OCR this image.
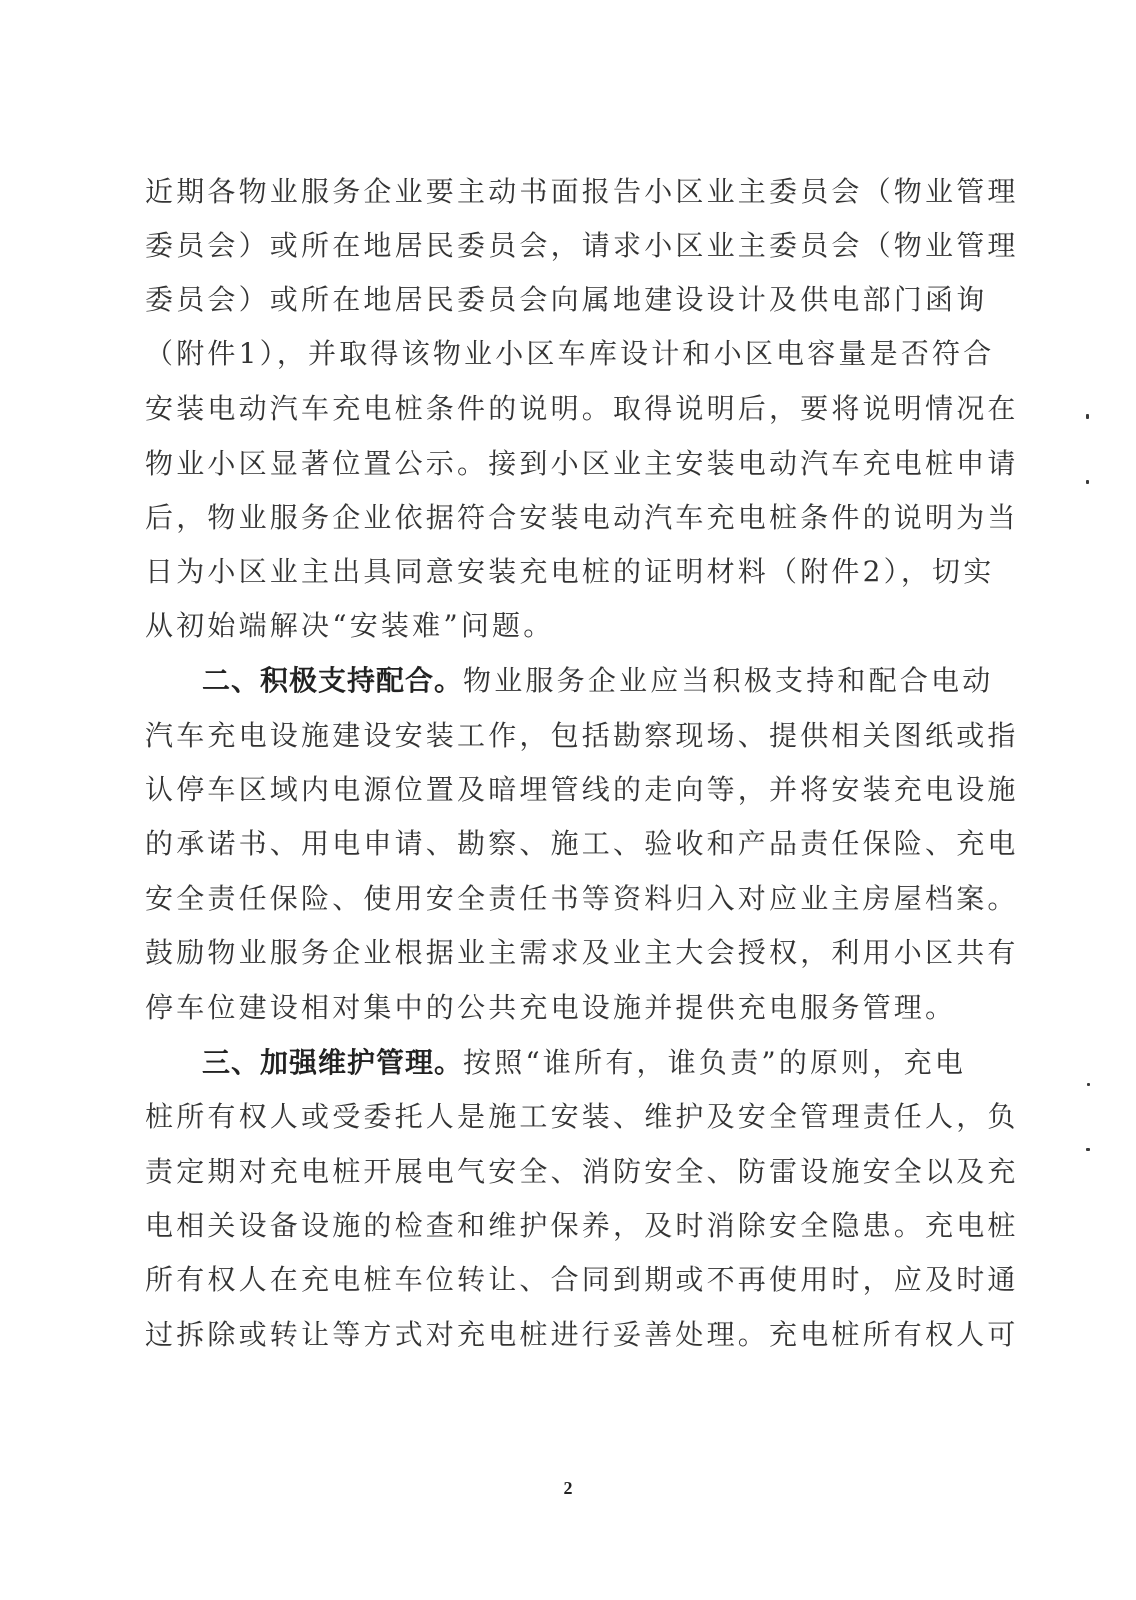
近期各物业服务企业要主动书面报告小区业主委员会（物业管理
委员会）或所在地居民委员会，请求小区业主委员会（物业管理
委员会）或所在地居民委员会向属地建设设计及供电部门函询
（附件1），并取得该物业小区车库设计和小区电容量是否符合
安装电动汽车充电桩条件的说明。取得说明后，要将说明情况在
物业小区显著位置公示。接到小区业主安装电动汽车充电桩申请
后，物业服务企业依据符合安装电动汽车充电桩条件的说明为当
日为小区业主出具同意安装充电桩的证明材料（附件2），切实
从初始端解决“安装难”问题。
二、积极支持配合。物业服务企业应当积极支持和配合电动
汽车充电设施建设安装工作，包括勘察现场、提供相关图纸或指
认停车区域内电源位置及暗埋管线的走向等，并将安装充电设施
的承诺书、用电申请、勘察、施工、验收和产品责任保险、充电
安全责任保险、使用安全责任书等资料归入对应业主房屋档案。
鼓励物业服务企业根据业主需求及业主大会授权，利用小区共有
停车位建设相对集中的公共充电设施并提供充电服务管理。
三、加强维护管理。按照“谁所有，谁负责”的原则，充电
桩所有权人或受委托人是施工安装、维护及安全管理责任人，负
责定期对充电桩开展电气安全、消防安全、防雷设施安全以及充
电相关设备设施的检查和维护保养，及时消除安全隐患。充电桩
所有权人在充电桩车位转让、合同到期或不再使用时，应及时通
过拆除或转让等方式对充电桩进行妥善处理。充电桩所有权人可
2
